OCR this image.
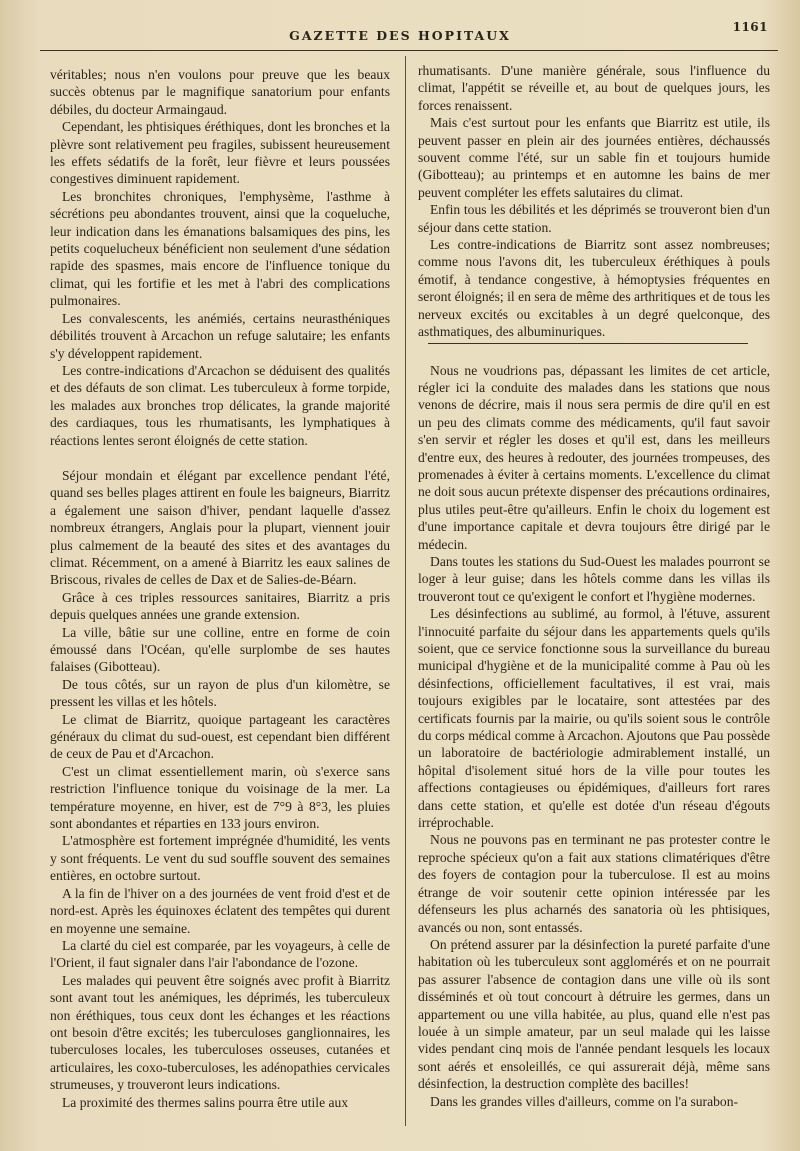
GAZETTE DES HOPITAUX
1161

véritables; nous n'en voulons pour preuve que les beaux succès obtenus par le magnifique sanatorium pour enfants débiles, du docteur Armaingaud.

Cependant, les phtisiques éréthiques, dont les bronches et la plèvre sont relativement peu fragiles, subissent heureusement les effets sédatifs de la forêt, leur fièvre et leurs poussées congestives diminuent rapidement.

Les bronchites chroniques, l'emphysème, l'asthme à sécrétions peu abondantes trouvent, ainsi que la coqueluche, leur indication dans les émanations balsamiques des pins, les petits coquelucheux bénéficient non seulement d'une sédation rapide des spasmes, mais encore de l'influence tonique du climat, qui les fortifie et les met à l'abri des complications pulmonaires.

Les convalescents, les anémiés, certains neurasthéniques débilités trouvent à Arcachon un refuge salutaire; les enfants s'y développent rapidement.

Les contre-indications d'Arcachon se déduisent des qualités et des défauts de son climat. Les tuberculeux à forme torpide, les malades aux bronches trop délicates, la grande majorité des cardiaques, tous les rhumatisants, les lymphatiques à réactions lentes seront éloignés de cette station.

Séjour mondain et élégant par excellence pendant l'été, quand ses belles plages attirent en foule les baigneurs, Biarritz a également une saison d'hiver, pendant laquelle d'assez nombreux étrangers, Anglais pour la plupart, viennent jouir plus calmement de la beauté des sites et des avantages du climat. Récemment, on a amené à Biarritz les eaux salines de Briscous, rivales de celles de Dax et de Salies-de-Béarn.

Grâce à ces triples ressources sanitaires, Biarritz a pris depuis quelques années une grande extension.

La ville, bâtie sur une colline, entre en forme de coin émoussé dans l'Océan, qu'elle surplombe de ses hautes falaises (Gibotteau).

De tous côtés, sur un rayon de plus d'un kilomètre, se pressent les villas et les hôtels.

Le climat de Biarritz, quoique partageant les caractères généraux du climat du sud-ouest, est cependant bien différent de ceux de Pau et d'Arcachon.

C'est un climat essentiellement marin, où s'exerce sans restriction l'influence tonique du voisinage de la mer. La température moyenne, en hiver, est de 7°9 à 8°3, les pluies sont abondantes et réparties en 133 jours environ.

L'atmosphère est fortement imprégnée d'humidité, les vents y sont fréquents. Le vent du sud souffle souvent des semaines entières, en octobre surtout.

A la fin de l'hiver on a des journées de vent froid d'est et de nord-est. Après les équinoxes éclatent des tempêtes qui durent en moyenne une semaine.

La clarté du ciel est comparée, par les voyageurs, à celle de l'Orient, il faut signaler dans l'air l'abondance de l'ozone.

Les malades qui peuvent être soignés avec profit à Biarritz sont avant tout les anémiques, les déprimés, les tuberculeux non éréthiques, tous ceux dont les échanges et les réactions ont besoin d'être excités; les tuberculoses ganglionnaires, les tuberculoses locales, les tuberculoses osseuses, cutanées et articulaires, les coxo-tuberculoses, les adénopathies cervicales strumeuses, y trouveront leurs indications.

La proximité des thermes salins pourra être utile aux

rhumatisants. D'une manière générale, sous l'influence du climat, l'appétit se réveille et, au bout de quelques jours, les forces renaissent.

Mais c'est surtout pour les enfants que Biarritz est utile, ils peuvent passer en plein air des journées entières, déchaussés souvent comme l'été, sur un sable fin et toujours humide (Gibotteau); au printemps et en automne les bains de mer peuvent compléter les effets salutaires du climat.

Enfin tous les débilités et les déprimés se trouveront bien d'un séjour dans cette station.

Les contre-indications de Biarritz sont assez nombreuses; comme nous l'avons dit, les tuberculeux éréthiques à pouls émotif, à tendance congestive, à hémoptysies fréquentes en seront éloignés; il en sera de même des arthritiques et de tous les nerveux excités ou excitables à un degré quelconque, des asthmatiques, des albuminuriques.

Nous ne voudrions pas, dépassant les limites de cet article, régler ici la conduite des malades dans les stations que nous venons de décrire, mais il nous sera permis de dire qu'il en est un peu des climats comme des médicaments, qu'il faut savoir s'en servir et régler les doses et qu'il est, dans les meilleurs d'entre eux, des heures à redouter, des journées trompeuses, des promenades à éviter à certains moments. L'excellence du climat ne doit sous aucun prétexte dispenser des précautions ordinaires, plus utiles peut-être qu'ailleurs. Enfin le choix du logement est d'une importance capitale et devra toujours être dirigé par le médecin.

Dans toutes les stations du Sud-Ouest les malades pourront se loger à leur guise; dans les hôtels comme dans les villas ils trouveront tout ce qu'exigent le confort et l'hygiène modernes.

Les désinfections au sublimé, au formol, à l'étuve, assurent l'innocuité parfaite du séjour dans les appartements quels qu'ils soient, que ce service fonctionne sous la surveillance du bureau municipal d'hygiène et de la municipalité comme à Pau où les désinfections, officiellement facultatives, il est vrai, mais toujours exigibles par le locataire, sont attestées par des certificats fournis par la mairie, ou qu'ils soient sous le contrôle du corps médical comme à Arcachon. Ajoutons que Pau possède un laboratoire de bactériologie admirablement installé, un hôpital d'isolement situé hors de la ville pour toutes les affections contagieuses ou épidémiques, d'ailleurs fort rares dans cette station, et qu'elle est dotée d'un réseau d'égouts irréprochable.

Nous ne pouvons pas en terminant ne pas protester contre le reproche spécieux qu'on a fait aux stations climatériques d'être des foyers de contagion pour la tuberculose. Il est au moins étrange de voir soutenir cette opinion intéressée par les défenseurs les plus acharnés des sanatoria où les phtisiques, avancés ou non, sont entassés.

On prétend assurer par la désinfection la pureté parfaite d'une habitation où les tuberculeux sont agglomérés et on ne pourrait pas assurer l'absence de contagion dans une ville où ils sont disséminés et où tout concourt à détruire les germes, dans un appartement ou une villa habitée, au plus, quand elle n'est pas louée à un simple amateur, par un seul malade qui les laisse vides pendant cinq mois de l'année pendant lesquels les locaux sont aérés et ensoleillés, ce qui assurerait déjà, même sans désinfection, la destruction complète des bacilles!

Dans les grandes villes d'ailleurs, comme on l'a surabon-
